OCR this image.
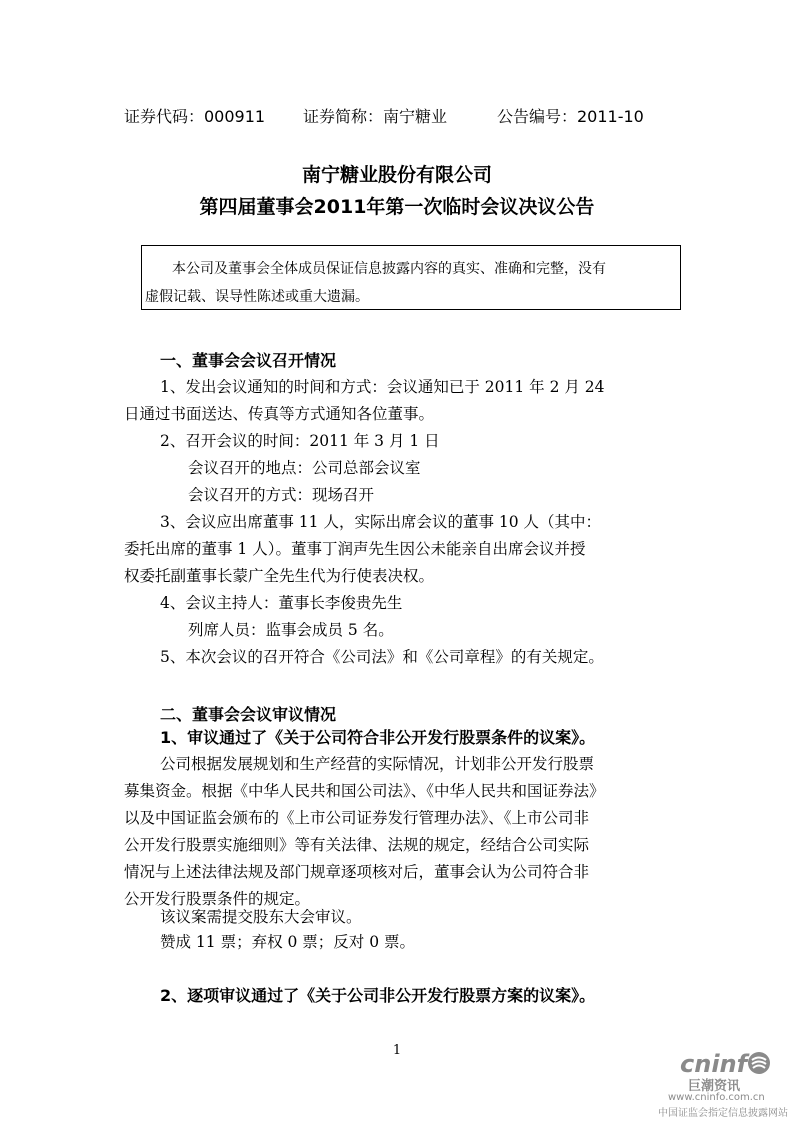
证券代码：000911 证券简称：南宁糖业	公告编号：2011-10
南宁糖业股份有限公司
第四届董事会2011年第一次临时会议决议公告
本公司及董事会全体成员保证信息披露内容的真实、准确和完整，没有
虚假记载、误导性陈述或重大遗漏。
一、董事会会议召开情况
1、发出会议通知的时间和方式：会议通知已于 2011 年 2 月 24
日通过书面送达、传真等方式通知各位董事。
2、召开会议的时间：2011 年 3 月 1 日
会议召开的地点：公司总部会议室
会议召开的方式：现场召开
3、会议应出席董事 11 人，实际出席会议的董事 10 人（其中：
委托出席的董事 1 人）。董事丁润声先生因公未能亲自出席会议并授
权委托副董事长蒙广全先生代为行使表决权。
4、会议主持人：董事长李俊贵先生
列席人员：监事会成员 5 名。
5、本次会议的召开符合《公司法》和《公司章程》的有关规定。
二、董事会会议审议情况
1、审议通过了《关于公司符合非公开发行股票条件的议案》。
公司根据发展规划和生产经营的实际情况，计划非公开发行股票
募集资金。根据《中华人民共和国公司法》、《中华人民共和国证券法》
以及中国证监会颁布的《上市公司证券发行管理办法》、《上市公司非
公开发行股票实施细则》等有关法律、法规的规定，经结合公司实际
情况与上述法律法规及部门规章逐项核对后，董事会认为公司符合非
公开发行股票条件的规定。
该议案需提交股东大会审议。
赞成 11 票；弃权 0 票；反对 0 票。
2、逐项审议通过了《关于公司非公开发行股票方案的议案》。
1	cninf
巨潮资讯
www.cninfo.com.cn
中国证监会指定信息披露网站
